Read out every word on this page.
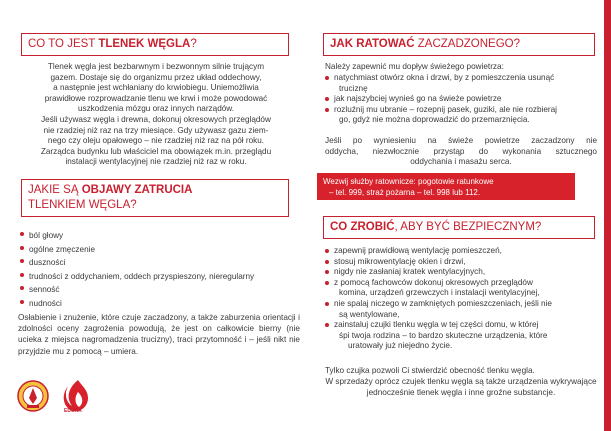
CO TO JEST TLENEK WĘGLA?
Tlenek węgla jest bezbarwnym i bezwonnym silnie trującym
gazem. Dostaje się do organizmu przez układ oddechowy,
a następnie jest wchłaniany do krwiobiegu. Uniemożliwia
prawidłowe rozprowadzanie tlenu we krwi i może powodować
uszkodzenia mózgu oraz innych narządów.
Jeśli używasz węgla i drewna, dokonuj okresowych przeglądów
nie rzadziej niż raz na trzy miesiące. Gdy używasz gazu ziem-
nego czy oleju opałowego – nie rzadziej niż raz na pół roku.
Zarządca budynku lub właściciel ma obowiązek m.in. przeglądu
instalacji wentylacyjnej nie rzadziej niż raz w roku.
JAKIE SĄ OBJAWY ZATRUCIA
TLENKIEM WĘGLA?
ból głowy
ogólne zmęczenie
duszności
trudności z oddychaniem, oddech przyspieszony, nieregularny
senność
nudności

Osłabienie i znużenie, które czuje zaczadzony, a także zaburzenia orientacji i zdolności oceny zagrożenia powodują, że jest on całkowicie bierny (nie ucieka z miejsca nagromadzenia trucizny), traci przytomność i – jeśli nikt nie przyjdzie mu z pomocą – umiera.

EDURA
JAK RATOWAĆ ZACZADZONEGO?
Należy zapewnić mu dopływ świeżego powietrza:
natychmiast otwórz okna i drzwi, by z pomieszczenia usunąć
truciznę
jak najszybciej wynieś go na świeże powietrze
rozluźnij mu ubranie – rozepnij pasek, guziki, ale nie rozbieraj
go, gdyż nie można doprowadzić do przemarznięcia.
Jeśli po wyniesieniu na świeże powietrze zaczadzony nie
oddycha, niezwłocznie przystąp do wykonania sztucznego
oddychania i masażu serca.
Wezwij służby ratownicze: pogotowie ratunkowe
– tel. 999, straż pożarna – tel. 998 lub 112.
CO ZROBIĆ, ABY BYĆ BEZPIECZNYM?
zapewnij prawidłową wentylację pomieszczeń,
stosuj mikrowentylację okien i drzwi,
nigdy nie zasłaniaj kratek wentylacyjnych,
z pomocą fachowców dokonuj okresowych przeglądów
komina, urządzeń grzewczych i instalacji wentylacyjnej,
nie spalaj niczego w zamkniętych pomieszczeniach, jeśli nie
są wentylowane,
zainstaluj czujki tlenku węgla w tej części domu, w której
śpi twoja rodzina – to bardzo skuteczne urządzenia, które
uratowały już niejedno życie.
Tylko czujka pozwoli Ci stwierdzić obecność tlenku węgla.

W sprzedaży oprócz czujek tlenku węgla są także urządzenia wykrywające jednocześnie tlenek węgla i inne groźne substancje.
